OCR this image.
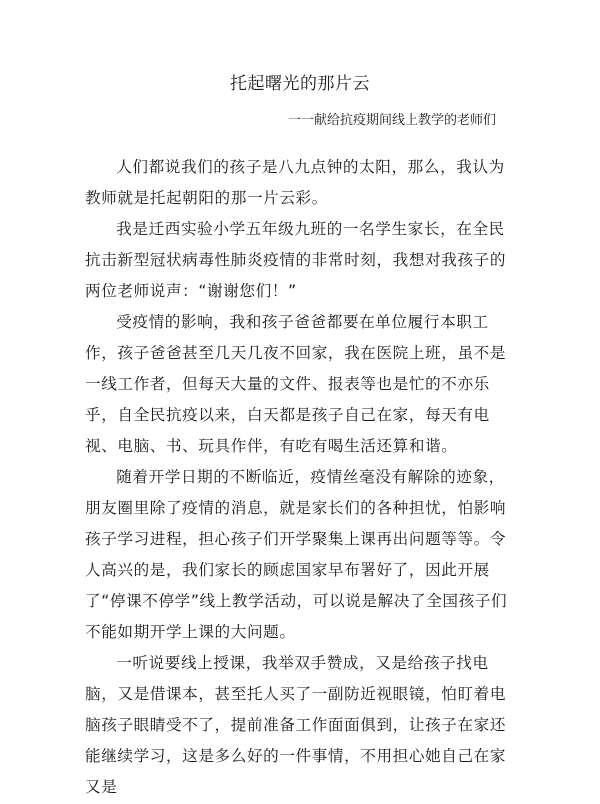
托起曙光的那片云
一一献给抗疫期间线上教学的老师们

人们都说我们的孩子是八九点钟的太阳，那么，我认为教师就是托起朝阳的那一片云彩。

我是迁西实验小学五年级九班的一名学生家长，在全民抗击新型冠状病毒性肺炎疫情的非常时刻，我想对我孩子的两位老师说声：“谢谢您们！”

受疫情的影响，我和孩子爸爸都要在单位履行本职工作，孩子爸爸甚至几天几夜不回家，我在医院上班，虽不是一线工作者，但每天大量的文件、报表等也是忙的不亦乐乎，自全民抗疫以来，白天都是孩子自己在家，每天有电视、电脑、书、玩具作伴，有吃有喝生活还算和谐。

随着开学日期的不断临近，疫情丝毫没有解除的迹象，朋友圈里除了疫情的消息，就是家长们的各种担忧，怕影响孩子学习进程，担心孩子们开学聚集上课再出问题等等。令人高兴的是，我们家长的顾虑国家早布署好了，因此开展了“停课不停学”线上教学活动，可以说是解决了全国孩子们不能如期开学上课的大问题。

一听说要线上授课，我举双手赞成，又是给孩子找电脑，又是借课本，甚至托人买了一副防近视眼镜，怕盯着电脑孩子眼睛受不了，提前准备工作面面俱到，让孩子在家还能继续学习，这是多么好的一件事情，不用担心她自己在家又是
